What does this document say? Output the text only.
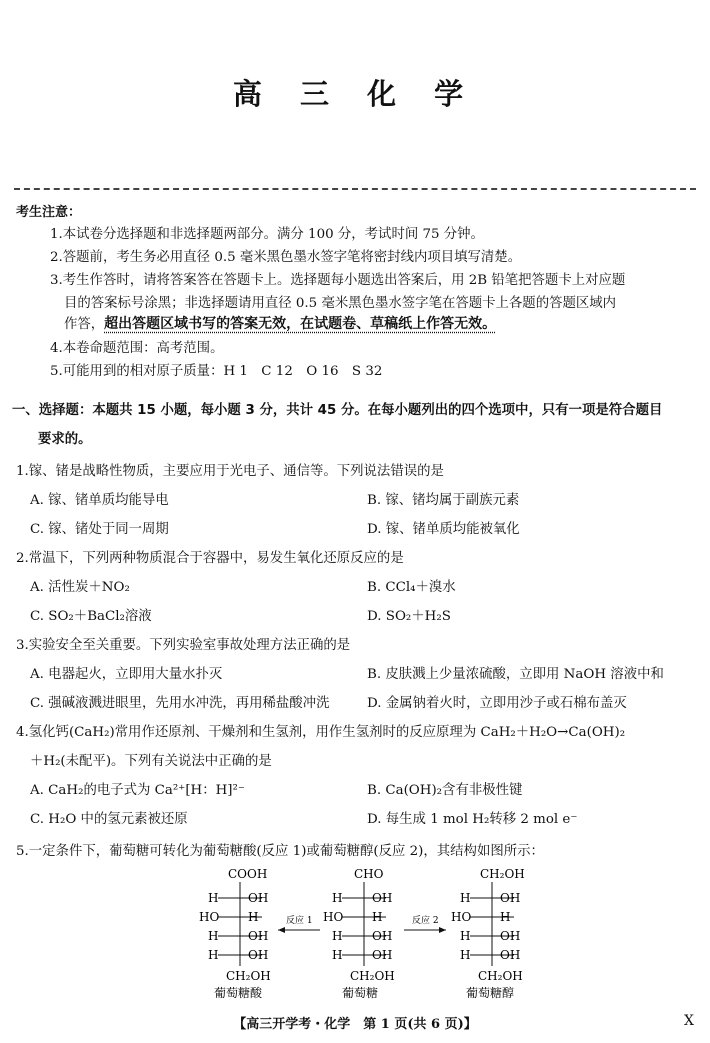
高 三 化 学
考生注意：
1.本试卷分选择题和非选择题两部分。满分 100 分，考试时间 75 分钟。
2.答题前，考生务必用直径 0.5 毫米黑色墨水签字笔将密封线内项目填写清楚。
3.考生作答时，请将答案答在答题卡上。选择题每小题选出答案后，用 2B 铅笔把答题卡上对应题
目的答案标号涂黑；非选择题请用直径 0.5 毫米黑色墨水签字笔在答题卡上各题的答题区域内
作答，超出答题区域书写的答案无效，在试题卷、草稿纸上作答无效。
4.本卷命题范围：高考范围。
5.可能用到的相对原子质量：H 1　C 12　O 16　S 32
一、选择题：本题共 15 小题，每小题 3 分，共计 45 分。在每小题列出的四个选项中，只有一项是符合题目
要求的。
1.镓、锗是战略性物质，主要应用于光电子、通信等。下列说法错误的是
A. 镓、锗单质均能导电	B. 镓、锗均属于副族元素
C. 镓、锗处于同一周期	D. 镓、锗单质均能被氧化
2.常温下，下列两种物质混合于容器中，易发生氧化还原反应的是
A. 活性炭＋NO₂	B. CCl₄＋溴水
C. SO₂＋BaCl₂溶液	D. SO₂＋H₂S
3.实验安全至关重要。下列实验室事故处理方法正确的是
A. 电器起火，立即用大量水扑灭	B. 皮肤溅上少量浓硫酸，立即用 NaOH 溶液中和
C. 强碱液溅进眼里，先用水冲洗，再用稀盐酸冲洗	D. 金属钠着火时，立即用沙子或石棉布盖灭
4.氢化钙(CaH₂)常用作还原剂、干燥剂和生氢剂，用作生氢剂时的反应原理为 CaH₂＋H₂O→Ca(OH)₂
＋H₂(未配平)。下列有关说法中正确的是
A. CaH₂的电子式为 Ca²⁺[H：H]²⁻	B. Ca(OH)₂含有非极性键
C. H₂O 中的氢元素被还原	D. 每生成 1 mol H₂转移 2 mol e⁻
5.一定条件下，葡萄糖可转化为葡萄糖酸(反应 1)或葡萄糖醇(反应 2)，其结构如图所示：
COOH
H OH
HO H
H OH
H OH
CH₂OH
葡萄糖酸
反应 1
CHO
H OH
HO H
H OH
H OH
CH₂OH
葡萄糖
反应 2
CH₂OH
H OH
HO H
H OH
H OH
CH₂OH
葡萄糖醇
【高三开学考・化学　第 1 页(共 6 页)】	X
